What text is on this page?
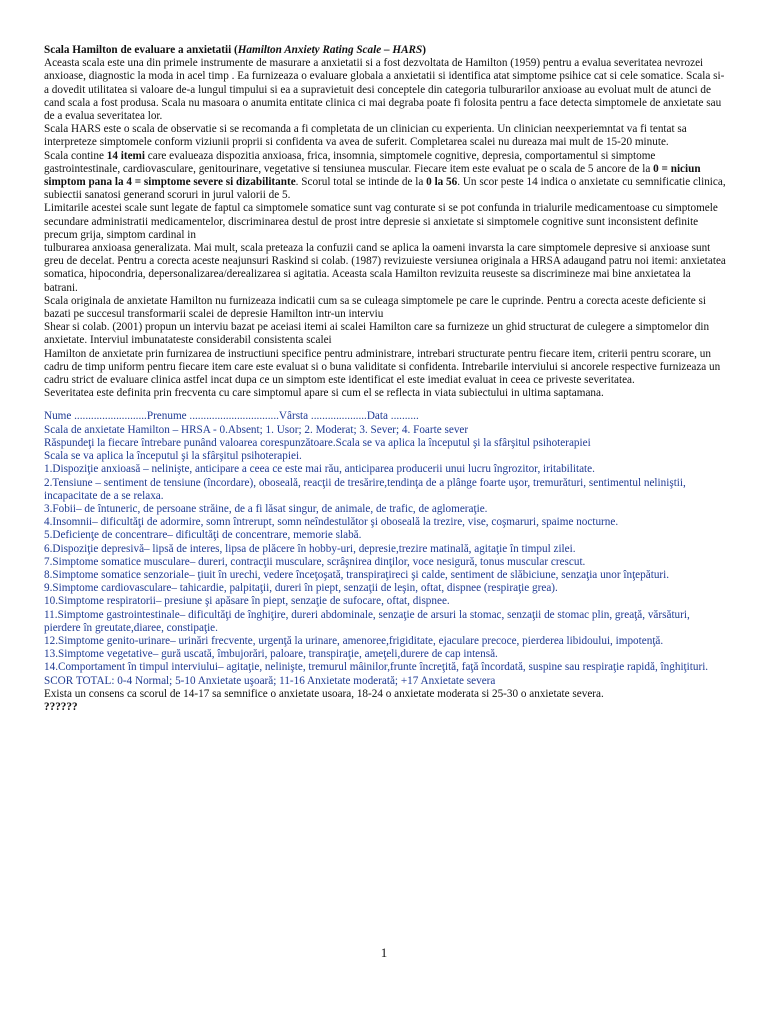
Scala Hamilton de evaluare a anxietatii (Hamilton Anxiety Rating Scale – HARS)

Aceasta scala este una din primele instrumente de masurare a anxietatii si a fost dezvoltata de Hamilton (1959) pentru a evalua severitatea nevrozei anxioase, diagnostic la moda in acel timp . Ea furnizeaza o evaluare globala a anxietatii si identifica atat simptome psihice cat si cele somatice. Scala si-a dovedit utilitatea si valoare de-a lungul timpului si ea a supravietuit desi conceptele din categoria tulburarilor anxioase au evoluat mult de atunci de cand scala a fost produsa. Scala nu masoara o anumita entitate clinica ci mai degraba poate fi folosita pentru a face detecta simptomele de anxietate sau de a evalua severitatea lor.

Scala HARS este o scala de observatie si se recomanda a fi completata de un clinician cu experienta. Un clinician neexperiemntat va fi tentat sa interpreteze simptomele conform viziunii proprii si confidenta va avea de suferit. Completarea scalei nu dureaza mai mult de 15-20 minute.

Scala contine 14 itemi care evalueaza dispozitia anxioasa, frica, insomnia, simptomele cognitive, depresia, comportamentul si simptome gastrointestinale, cardiovasculare, genitourinare, vegetative si tensiunea muscular. Fiecare item este evaluat pe o scala de 5 ancore de la 0 = niciun simptom pana la 4 = simptome severe si dizabilitante. Scorul total se intinde de la 0 la 56. Un scor peste 14 indica o anxietate cu semnificatie clinica, subiectii sanatosi generand scoruri in jurul valorii de 5.

Limitarile acestei scale sunt legate de faptul ca simptomele somatice sunt vag conturate si se pot confunda in trialurile medicamentoase cu simptomele secundare administratii medicamentelor, discriminarea destul de prost intre depresie si anxietate si simptomele cognitive sunt inconsistent definite precum grija, simptom cardinal in

tulburarea anxioasa generalizata. Mai mult, scala preteaza la confuzii cand se aplica la oameni invarsta la care simptomele depresive si anxioase sunt greu de decelat. Pentru a corecta aceste neajunsuri Raskind si colab. (1987) revizuieste versiunea originala a HRSA adaugand patru noi itemi: anxietatea somatica, hipocondria, depersonalizarea/derealizarea si agitatia. Aceasta scala Hamilton revizuita reuseste sa discrimineze mai bine anxietatea la batrani.

Scala originala de anxietate Hamilton nu furnizeaza indicatii cum sa se culeaga simptomele pe care le cuprinde. Pentru a corecta aceste deficiente si bazati pe succesul transformarii scalei de depresie Hamilton intr-un interviu

Shear si colab. (2001) propun un interviu bazat pe aceiasi itemi ai scalei Hamilton care sa furnizeze un ghid structurat de culegere a simptomelor din anxietate. Interviul imbunatateste considerabil consistenta scalei

Hamilton de anxietate prin furnizarea de instructiuni specifice pentru administrare, intrebari structurate pentru fiecare item, criterii pentru scorare, un cadru de timp uniform pentru fiecare item care este evaluat si o buna validitate si confidenta. Intrebarile interviului si ancorele respective furnizeaza un cadru strict de evaluare clinica astfel incat dupa ce un simptom este identificat el este imediat evaluat in ceea ce priveste severitatea.

Severitatea este definita prin frecventa cu care simptomul apare si cum el se reflecta in viata subiectului in ultima saptamana.

Nume ..........................Prenume ................................Vârsta ....................Data ..........

Scala de anxietate Hamilton – HRSA - 0.Absent; 1. Usor; 2. Moderat; 3. Sever; 4. Foarte sever

Răspundeţi la fiecare întrebare punând valoarea corespunzătoare.Scala se va aplica la începutul şi la sfârşitul psihoterapiei

Scala se va aplica la începutul şi la sfârşitul psihoterapiei.

1.Dispoziţie anxioasă – nelinişte, anticipare a ceea ce este mai rău, anticiparea producerii unui lucru îngrozitor, iritabilitate.

2.Tensiune – sentiment de tensiune (încordare), oboseală, reacţii de tresărire,tendinţa de a plânge foarte uşor, tremurături, sentimentul neliniştii, incapacitate de a se relaxa.

3.Fobii– de întuneric, de persoane străine, de a fi lăsat singur, de animale, de trafic, de aglomeraţie.

4.Insomnii– dificultăţi de adormire, somn întrerupt, somn neîndestulător şi oboseală la trezire, vise, coşmaruri, spaime nocturne.

5.Deficienţe de concentrare– dificultăţi de concentrare, memorie slabă.

6.Dispoziţie depresivă– lipsă de interes, lipsa de plăcere în hobby-uri, depresie,trezire matinală, agitaţie în timpul zilei.

7.Simptome somatice musculare– dureri, contracţii musculare, scrâşnirea dinţilor, voce nesigură, tonus muscular crescut.

8.Simptome somatice senzoriale– ţiuit în urechi, vedere înceţoşată, transpiraţireci şi calde, sentiment de slăbiciune, senzaţia unor înţepături.

9.Simptome cardiovasculare– tahicardie, palpitaţii, dureri în piept, senzaţii de leşin, oftat, dispnee (respiraţie grea).

10.Simptome respiratorii– presiune şi apăsare în piept, senzaţie de sufocare, oftat, dispnee.

11.Simptome gastrointestinale– dificultăţi de înghiţire, dureri abdominale, senzaţie de arsuri la stomac, senzaţii de stomac plin, greaţă, vărsături, pierdere în greutate,diaree, constipaţie.

12.Simptome genito-urinare– urinări frecvente, urgenţă la urinare, amenoree,frigiditate, ejaculare precoce, pierderea libidoului, impotenţă.

13.Simptome vegetative– gură uscată, îmbujorări, paloare, transpiraţie, ameţeli,durere de cap intensă.

14.Comportament în timpul interviului– agitaţie, nelinişte, tremurul mâinilor,frunte încreţită, faţă încordată, suspine sau respiraţie rapidă, înghiţituri.

SCOR TOTAL: 0-4 Normal; 5-10 Anxietate uşoară; 11-16 Anxietate moderată; +17 Anxietate severa

Exista un consens ca scorul de 14-17 sa semnifice o anxietate usoara, 18-24 o anxietate moderata si 25-30 o anxietate severa.

??????

1
